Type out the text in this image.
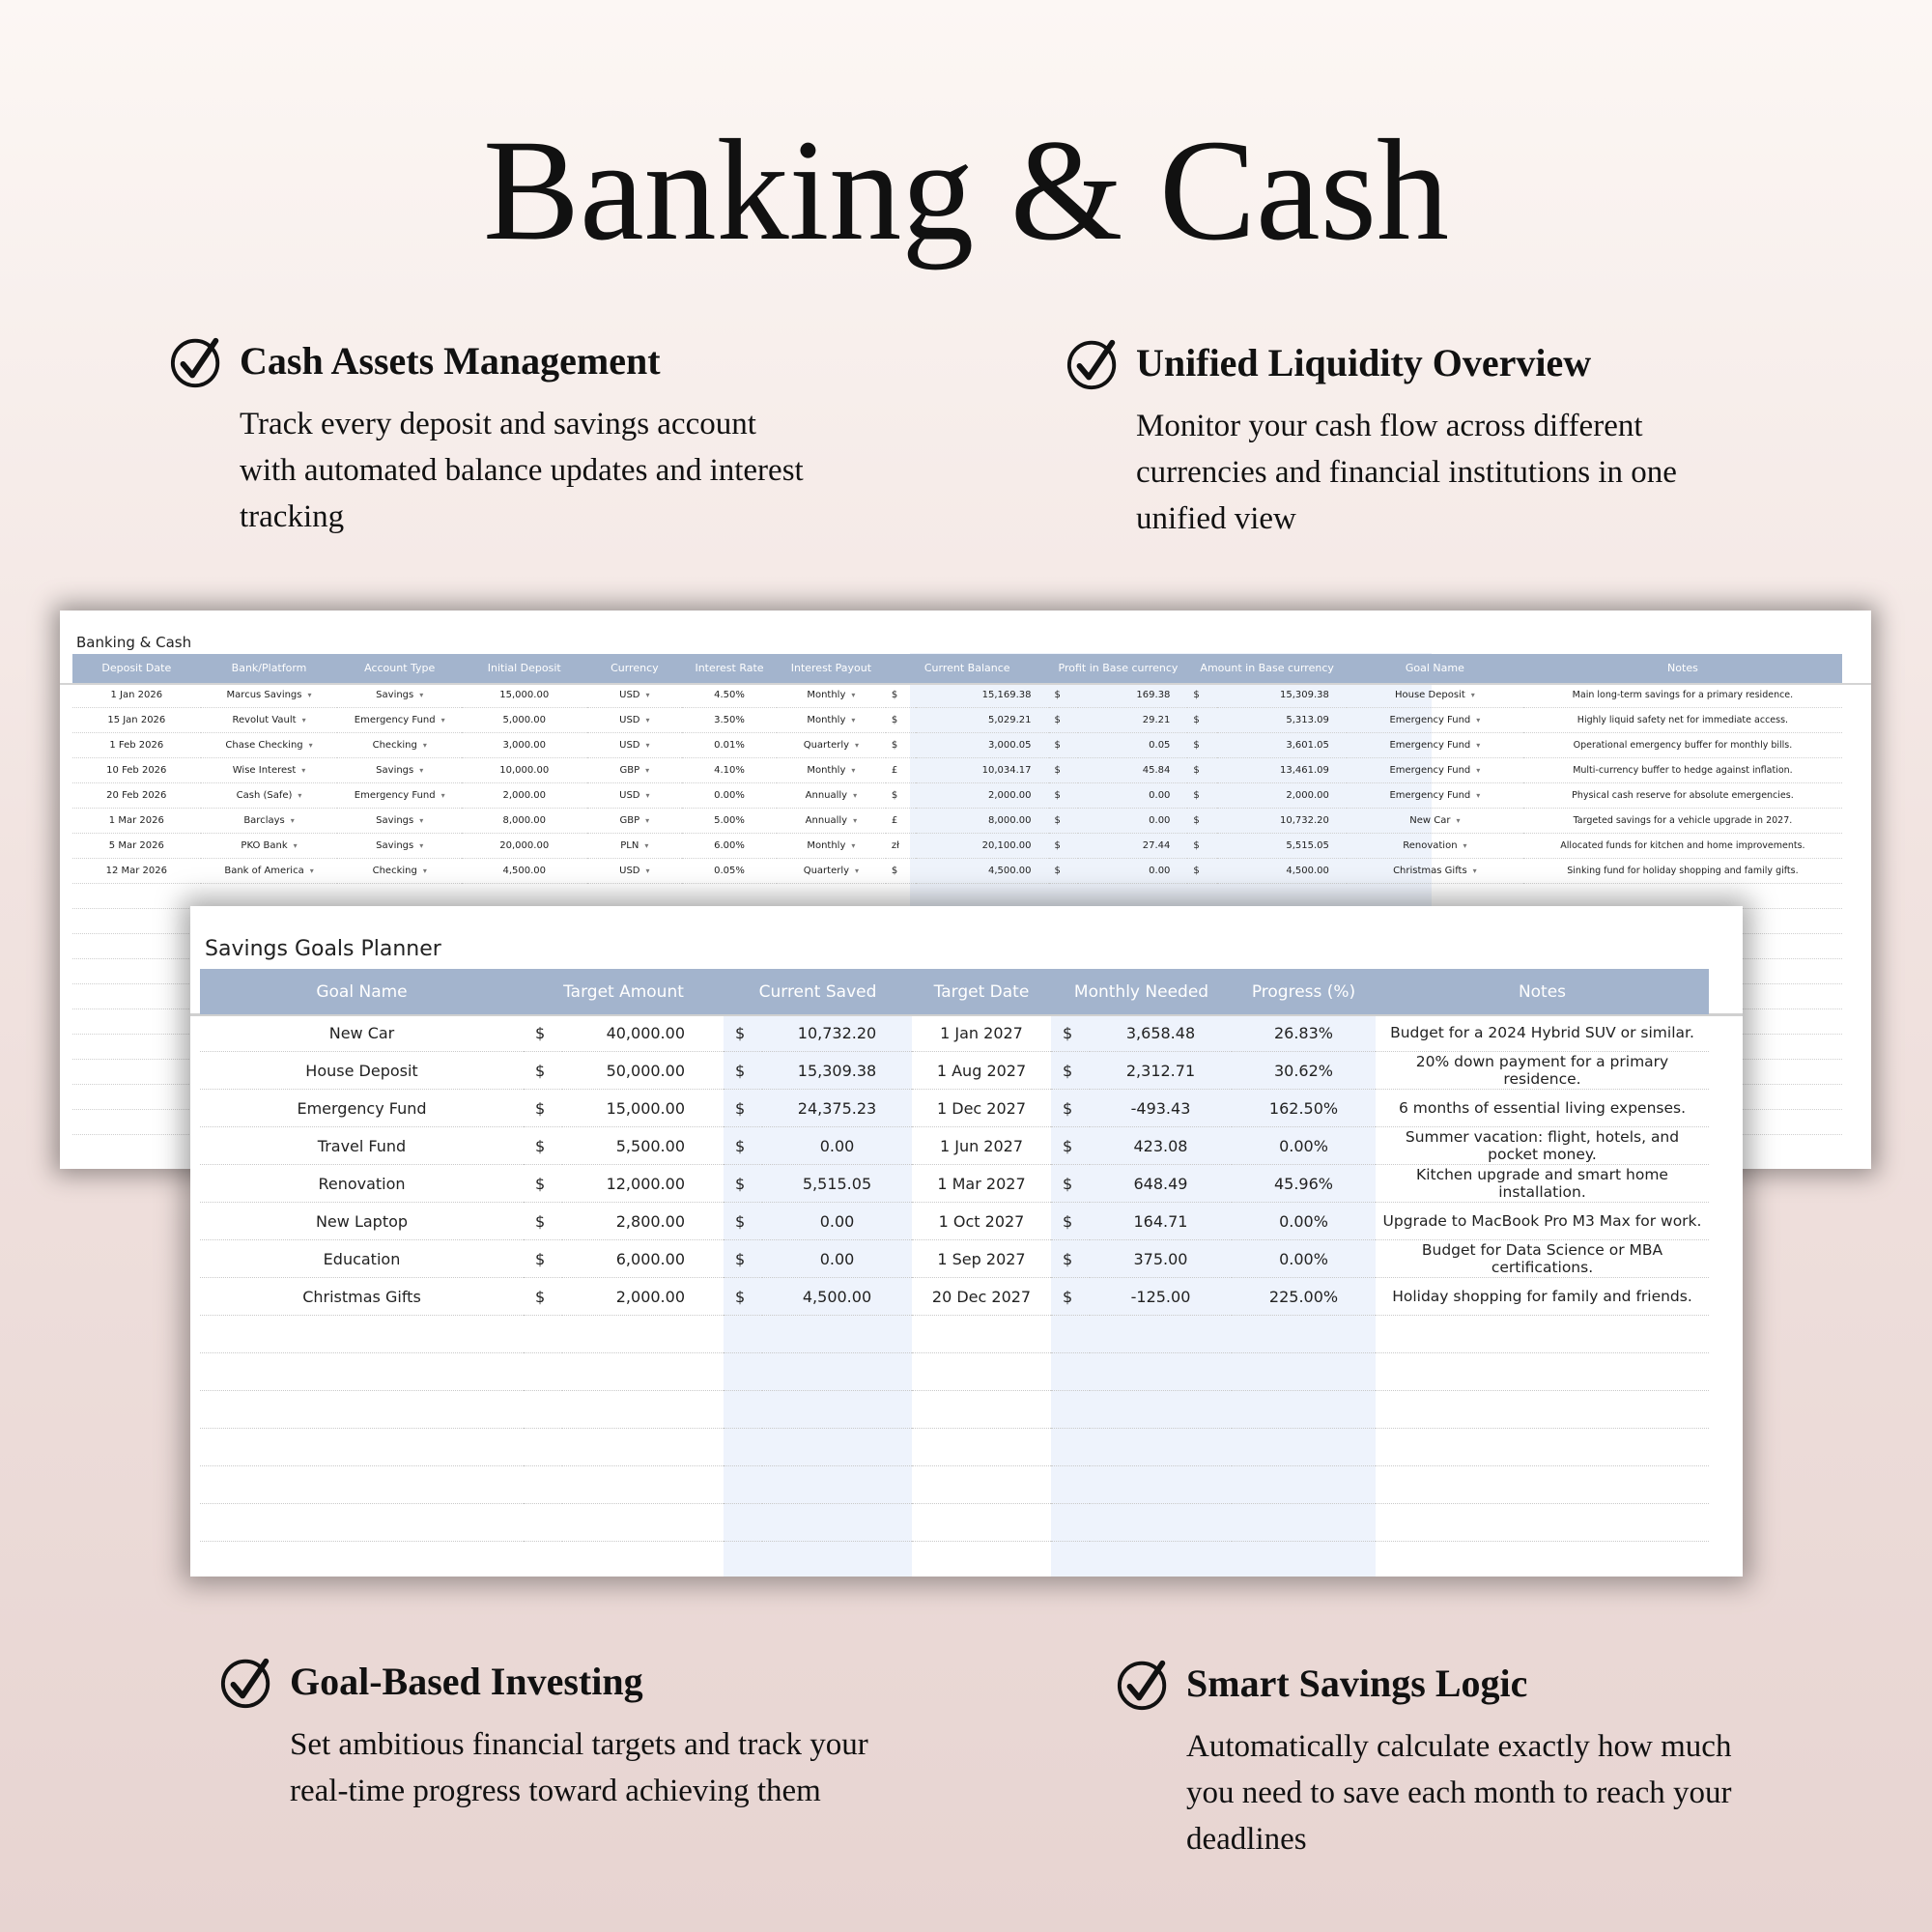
Banking & Cash
Cash Assets Management

Track every deposit and savings account with automated balance updates and interest tracking

Unified Liquidity Overview

Monitor your cash flow across different currencies and financial institutions in one unified view

Goal-Based Investing

Set ambitious financial targets and track your real-time progress toward achieving them

Smart Savings Logic

Automatically calculate exactly how much you need to save each month to reach your deadlines

Banking & Cash
Deposit Date	Bank/Platform	Account Type	Initial Deposit	Currency	Interest Rate	Interest Payout	Current Balance		Profit in Base currency		Amount in Base currency		Goal Name	Notes
1 Jan 2026	Marcus Savings ▾	Savings ▾	15,000.00	USD ▾	4.50%	Monthly ▾	$	15,169.38	$	169.38	$	15,309.38	House Deposit ▾	Main long-term savings for a primary residence.
15 Jan 2026	Revolut Vault ▾	Emergency Fund ▾	5,000.00	USD ▾	3.50%	Monthly ▾	$	5,029.21	$	29.21	$	5,313.09	Emergency Fund ▾	Highly liquid safety net for immediate access.
1 Feb 2026	Chase Checking ▾	Checking ▾	3,000.00	USD ▾	0.01%	Quarterly ▾	$	3,000.05	$	0.05	$	3,601.05	Emergency Fund ▾	Operational emergency buffer for monthly bills.
10 Feb 2026	Wise Interest ▾	Savings ▾	10,000.00	GBP ▾	4.10%	Monthly ▾	£	10,034.17	$	45.84	$	13,461.09	Emergency Fund ▾	Multi-currency buffer to hedge against inflation.
20 Feb 2026	Cash (Safe) ▾	Emergency Fund ▾	2,000.00	USD ▾	0.00%	Annually ▾	$	2,000.00	$	0.00	$	2,000.00	Emergency Fund ▾	Physical cash reserve for absolute emergencies.
1 Mar 2026	Barclays ▾	Savings ▾	8,000.00	GBP ▾	5.00%	Annually ▾	£	8,000.00	$	0.00	$	10,732.20	New Car ▾	Targeted savings for a vehicle upgrade in 2027.
5 Mar 2026	PKO Bank ▾	Savings ▾	20,000.00	PLN ▾	6.00%	Monthly ▾	zł	20,100.00	$	27.44	$	5,515.05	Renovation ▾	Allocated funds for kitchen and home improvements.
12 Mar 2026	Bank of America ▾	Checking ▾	4,500.00	USD ▾	0.05%	Quarterly ▾	$	4,500.00	$	0.00	$	4,500.00	Christmas Gifts ▾	Sinking fund for holiday shopping and family gifts.

Savings Goals Planner
Goal Name	Target Amount		Current Saved		Target Date	Monthly Needed		Progress (%)	Notes
New Car	$	40,000.00	$	10,732.20	1 Jan 2027	$	3,658.48	26.83%	Budget for a 2024 Hybrid SUV or similar.
House Deposit	$	50,000.00	$	15,309.38	1 Aug 2027	$	2,312.71	30.62%	20% down payment for a primary residence.
Emergency Fund	$	15,000.00	$	24,375.23	1 Dec 2027	$	-493.43	162.50%	6 months of essential living expenses.
Travel Fund	$	5,500.00	$	0.00	1 Jun 2027	$	423.08	0.00%	Summer vacation: flight, hotels, and pocket money.
Renovation	$	12,000.00	$	5,515.05	1 Mar 2027	$	648.49	45.96%	Kitchen upgrade and smart home installation.
New Laptop	$	2,800.00	$	0.00	1 Oct 2027	$	164.71	0.00%	Upgrade to MacBook Pro M3 Max for work.
Education	$	6,000.00	$	0.00	1 Sep 2027	$	375.00	0.00%	Budget for Data Science or MBA certifications.
Christmas Gifts	$	2,000.00	$	4,500.00	20 Dec 2027	$	-125.00	225.00%	Holiday shopping for family and friends.
